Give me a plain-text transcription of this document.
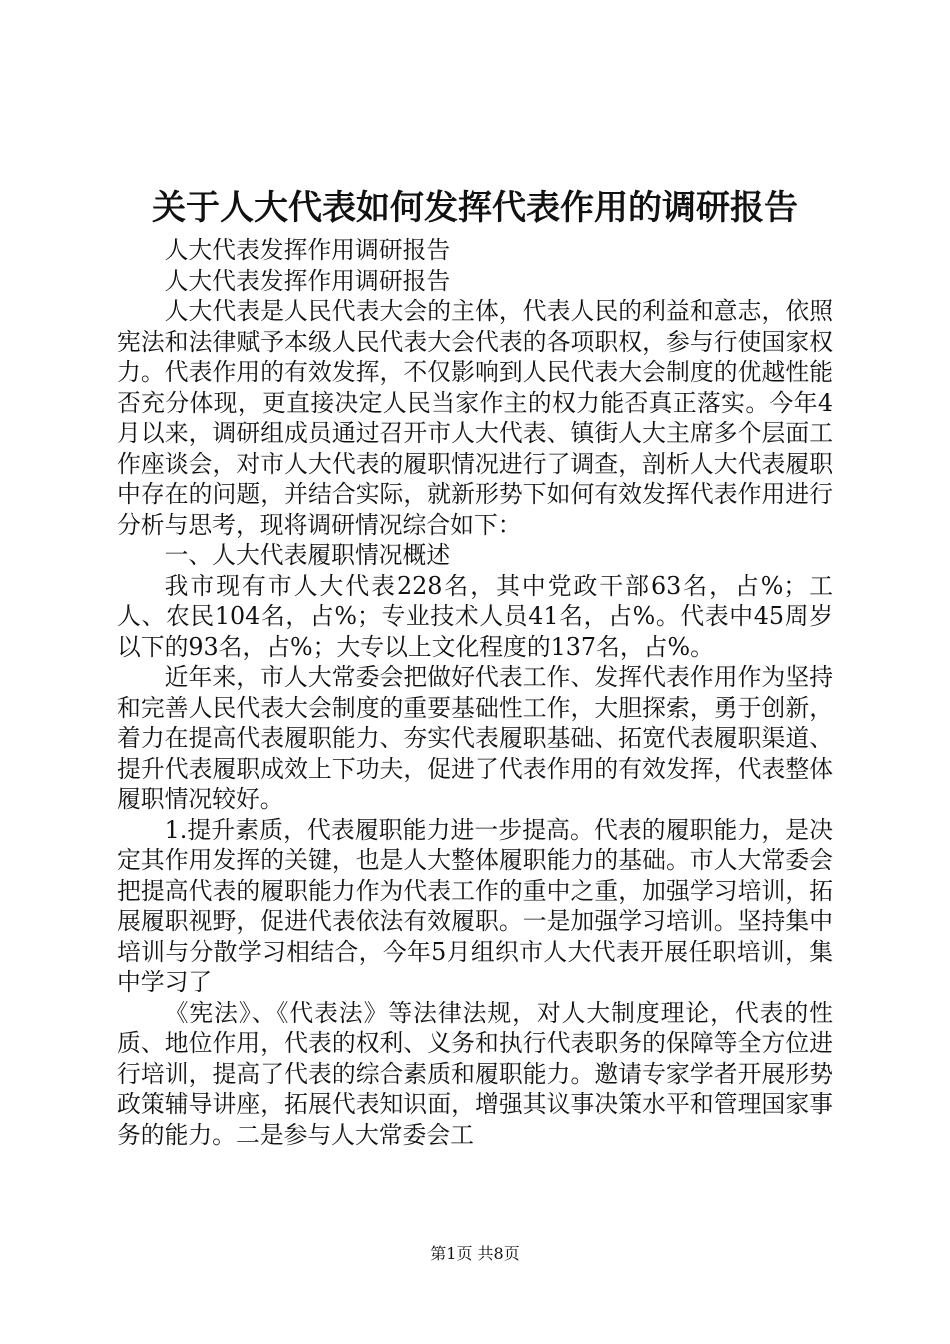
关于人大代表如何发挥代表作用的调研报告

人大代表发挥作用调研报告

人大代表发挥作用调研报告

人大代表是人民代表大会的主体，代表人民的利益和意志，依照宪法和法律赋予本级人民代表大会代表的各项职权，参与行使国家权力。代表作用的有效发挥，不仅影响到人民代表大会制度的优越性能否充分体现，更直接决定人民当家作主的权力能否真正落实。今年4月以来，调研组成员通过召开市人大代表、镇街人大主席多个层面工作座谈会，对市人大代表的履职情况进行了调查，剖析人大代表履职中存在的问题，并结合实际，就新形势下如何有效发挥代表作用进行分析与思考，现将调研情况综合如下：

一、人大代表履职情况概述

我市现有市人大代表228名，其中党政干部63名，占%；工人、农民104名，占%；专业技术人员41名，占%。代表中45周岁以下的93名，占%；大专以上文化程度的137名，占%。

近年来，市人大常委会把做好代表工作、发挥代表作用作为坚持和完善人民代表大会制度的重要基础性工作，大胆探索，勇于创新，着力在提高代表履职能力、夯实代表履职基础、拓宽代表履职渠道、提升代表履职成效上下功夫，促进了代表作用的有效发挥，代表整体履职情况较好。

1.提升素质，代表履职能力进一步提高。代表的履职能力，是决定其作用发挥的关键，也是人大整体履职能力的基础。市人大常委会把提高代表的履职能力作为代表工作的重中之重，加强学习培训，拓展履职视野，促进代表依法有效履职。一是加强学习培训。坚持集中培训与分散学习相结合，今年5月组织市人大代表开展任职培训，集中学习了

《宪法》、《代表法》等法律法规，对人大制度理论，代表的性质、地位作用，代表的权利、义务和执行代表职务的保障等全方位进行培训，提高了代表的综合素质和履职能力。邀请专家学者开展形势政策辅导讲座，拓展代表知识面，增强其议事决策水平和管理国家事务的能力。二是参与人大常委会工

第1页 共8页
